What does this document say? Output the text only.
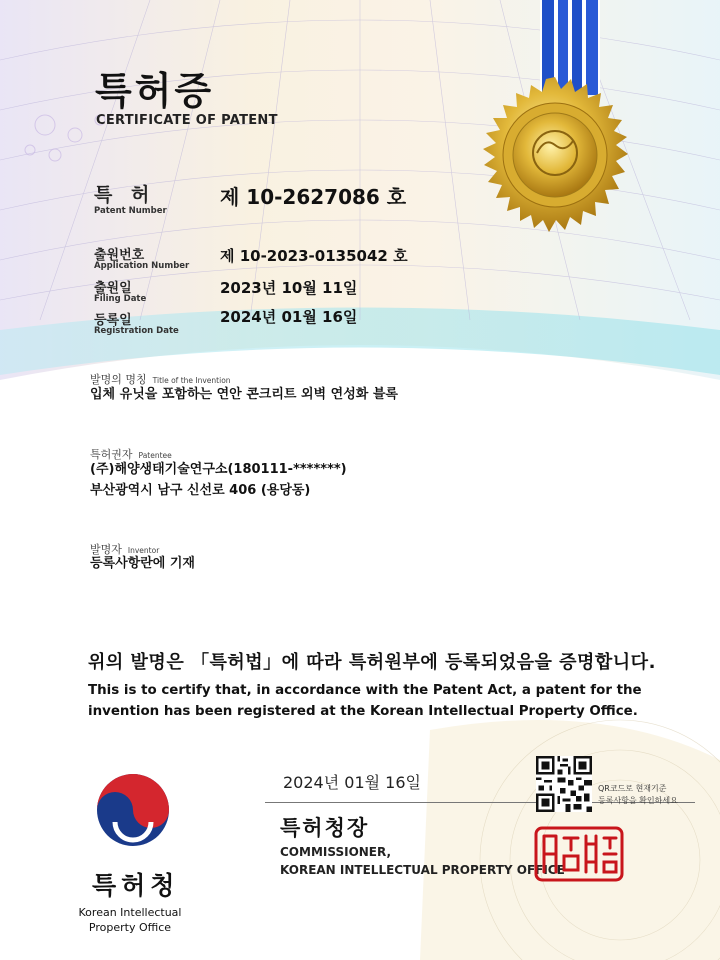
특허증
CERTIFICATE OF PATENT
특 허
Patent Number
제 10-2627086 호
출원번호
Application Number
제 10-2023-0135042 호
출원일
Filing Date
2023년 10월 11일
등록일
Registration Date
2024년 01월 16일
발명의 명칭 Title of the Invention
입체 유닛을 포함하는 연안 콘크리트 외벽 연성화 블록
특허권자 Patentee
(주)해양생태기술연구소(180111-*******)
부산광역시 남구 신선로 406 (용당동)
발명자 Inventor
등록사항란에 기재
위의 발명은 「특허법」에 따라 특허원부에 등록되었음을 증명합니다.
This is to certify that, in accordance with the Patent Act, a patent for the invention has been registered at the Korean Intellectual Property Office.
특허청
Korean Intellectual Property Office
2024년 01월 16일
특허청장
COMMISSIONER,
KOREAN INTELLECTUAL PROPERTY OFFICE
QR코드로 현재기준
등록사항을 확인하세요
